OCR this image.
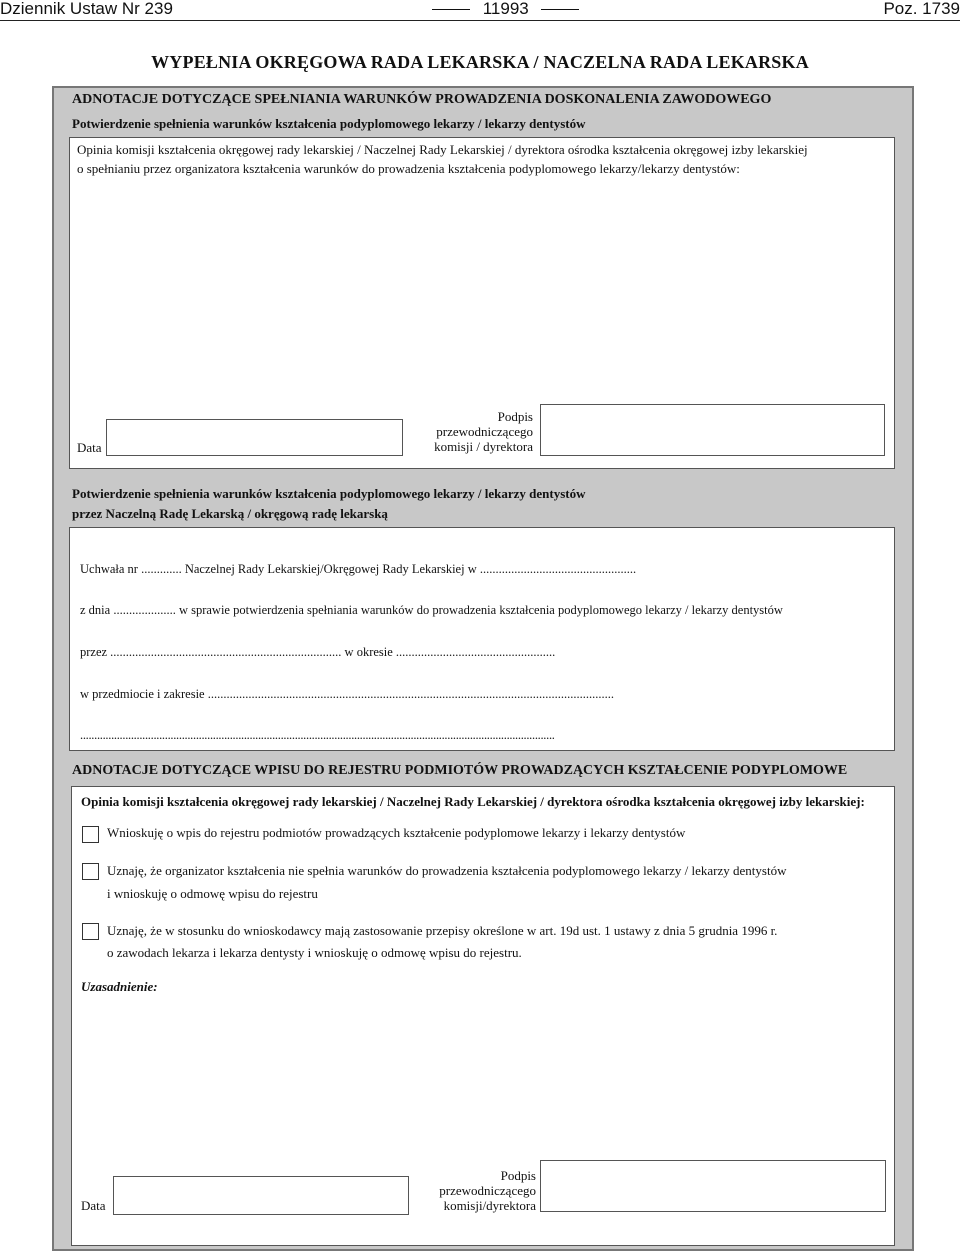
Dziennik Ustaw Nr 239	11993	Poz. 1739
WYPEŁNIA OKRĘGOWA RADA LEKARSKA / NACZELNA RADA LEKARSKA
ADNOTACJE DOTYCZĄCE SPEŁNIANIA WARUNKÓW PROWADZENIA DOSKONALENIA ZAWODOWEGO
Potwierdzenie spełnienia warunków kształcenia podyplomowego lekarzy / lekarzy dentystów
Opinia komisji kształcenia okręgowej rady lekarskiej / Naczelnej Rady Lekarskiej / dyrektora ośrodka kształcenia okręgowej izby lekarskiej
o spełnianiu przez organizatora kształcenia warunków do prowadzenia kształcenia podyplomowego lekarzy/lekarzy dentystów:
Data
Podpis
przewodniczącego
komisji / dyrektora
Potwierdzenie spełnienia warunków kształcenia podyplomowego lekarzy / lekarzy dentystów
przez Naczelną Radę Lekarską / okręgową radę lekarską
Uchwała nr ............. Naczelnej Rady Lekarskiej/Okręgowej Rady Lekarskiej w ..................................................
z dnia .................... w sprawie potwierdzenia spełniania warunków do prowadzenia kształcenia podyplomowego lekarzy / lekarzy dentystów
przez .......................................................................... w okresie ...................................................
w przedmiocie i zakresie ..................................................................................................................................
........................................................................................................................................................................
ADNOTACJE DOTYCZĄCE WPISU DO REJESTRU PODMIOTÓW PROWADZĄCYCH KSZTAŁCENIE PODYPLOMOWE
Opinia komisji kształcenia okręgowej rady lekarskiej / Naczelnej Rady Lekarskiej / dyrektora ośrodka kształcenia okręgowej izby lekarskiej:
Wnioskuję o wpis do rejestru podmiotów prowadzących kształcenie podyplomowe lekarzy i lekarzy dentystów
Uznaję, że organizator kształcenia nie spełnia warunków do prowadzenia kształcenia podyplomowego lekarzy / lekarzy dentystów
i wnioskuję o odmowę wpisu do rejestru
Uznaję, że w stosunku do wnioskodawcy mają zastosowanie przepisy określone w art. 19d ust. 1 ustawy z dnia 5 grudnia 1996 r.
o zawodach lekarza i lekarza dentysty i wnioskuję o odmowę wpisu do rejestru.
Uzasadnienie:
Data
Podpis
przewodniczącego
komisji/dyrektora
